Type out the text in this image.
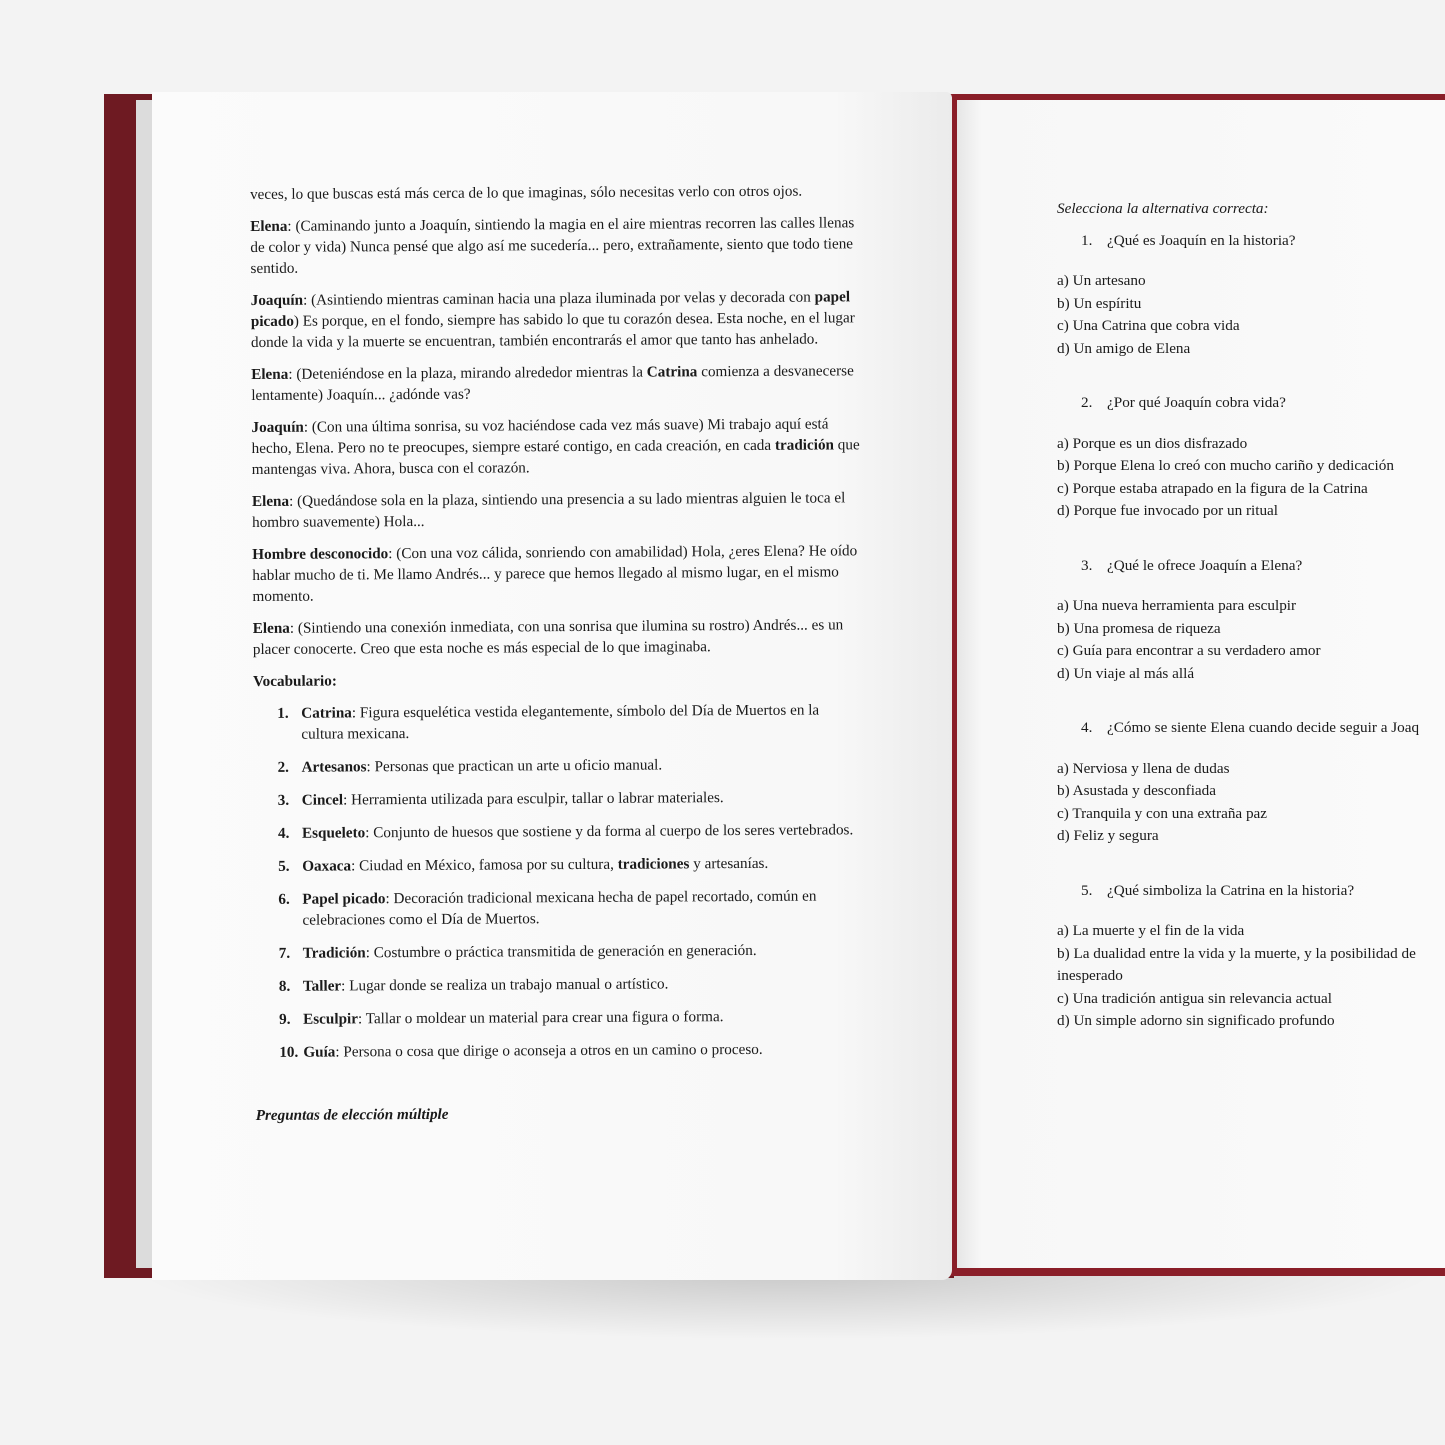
Selecciona la alternativa correcta:

1. ¿Qué es Joaquín en la historia?

a) Un artesano
b) Un espíritu
c) Una Catrina que cobra vida
d) Un amigo de Elena

2. ¿Por qué Joaquín cobra vida?

a) Porque es un dios disfrazado
b) Porque Elena lo creó con mucho cariño y dedicación
c) Porque estaba atrapado en la figura de la Catrina
d) Porque fue invocado por un ritual

3. ¿Qué le ofrece Joaquín a Elena?

a) Una nueva herramienta para esculpir
b) Una promesa de riqueza
c) Guía para encontrar a su verdadero amor
d) Un viaje al más allá

4. ¿Cómo se siente Elena cuando decide seguir a Joaq

a) Nerviosa y llena de dudas
b) Asustada y desconfiada
c) Tranquila y con una extraña paz
d) Feliz y segura

5. ¿Qué simboliza la Catrina en la historia?

a) La muerte y el fin de la vida
b) La dualidad entre la vida y la muerte, y la posibilidad de
inesperado
c) Una tradición antigua sin relevancia actual
d) Un simple adorno sin significado profundo

veces, lo que buscas está más cerca de lo que imaginas, sólo necesitas verlo con otros ojos.

Elena: (Caminando junto a Joaquín, sintiendo la magia en el aire mientras recorren las calles llenas de color y vida) Nunca pensé que algo así me sucedería... pero, extrañamente, siento que todo tiene sentido.

Joaquín: (Asintiendo mientras caminan hacia una plaza iluminada por velas y decorada con papel picado) Es porque, en el fondo, siempre has sabido lo que tu corazón desea. Esta noche, en el lugar donde la vida y la muerte se encuentran, también encontrarás el amor que tanto has anhelado.

Elena: (Deteniéndose en la plaza, mirando alrededor mientras la Catrina comienza a desvanecerse lentamente) Joaquín... ¿adónde vas?

Joaquín: (Con una última sonrisa, su voz haciéndose cada vez más suave) Mi trabajo aquí está hecho, Elena. Pero no te preocupes, siempre estaré contigo, en cada creación, en cada tradición que mantengas viva. Ahora, busca con el corazón.

Elena: (Quedándose sola en la plaza, sintiendo una presencia a su lado mientras alguien le toca el hombro suavemente) Hola...

Hombre desconocido: (Con una voz cálida, sonriendo con amabilidad) Hola, ¿eres Elena? He oído hablar mucho de ti. Me llamo Andrés... y parece que hemos llegado al mismo lugar, en el mismo momento.

Elena: (Sintiendo una conexión inmediata, con una sonrisa que ilumina su rostro) Andrés... es un placer conocerte. Creo que esta noche es más especial de lo que imaginaba.

Vocabulario:

1. Catrina: Figura esquelética vestida elegantemente, símbolo del Día de Muertos en la cultura mexicana.
2. Artesanos: Personas que practican un arte u oficio manual.
3. Cincel: Herramienta utilizada para esculpir, tallar o labrar materiales.
4. Esqueleto: Conjunto de huesos que sostiene y da forma al cuerpo de los seres vertebrados.
5. Oaxaca: Ciudad en México, famosa por su cultura, tradiciones y artesanías.
6. Papel picado: Decoración tradicional mexicana hecha de papel recortado, común en celebraciones como el Día de Muertos.
7. Tradición: Costumbre o práctica transmitida de generación en generación.
8. Taller: Lugar donde se realiza un trabajo manual o artístico.
9. Esculpir: Tallar o moldear un material para crear una figura o forma.
10. Guía: Persona o cosa que dirige o aconseja a otros en un camino o proceso.

Preguntas de elección múltiple
